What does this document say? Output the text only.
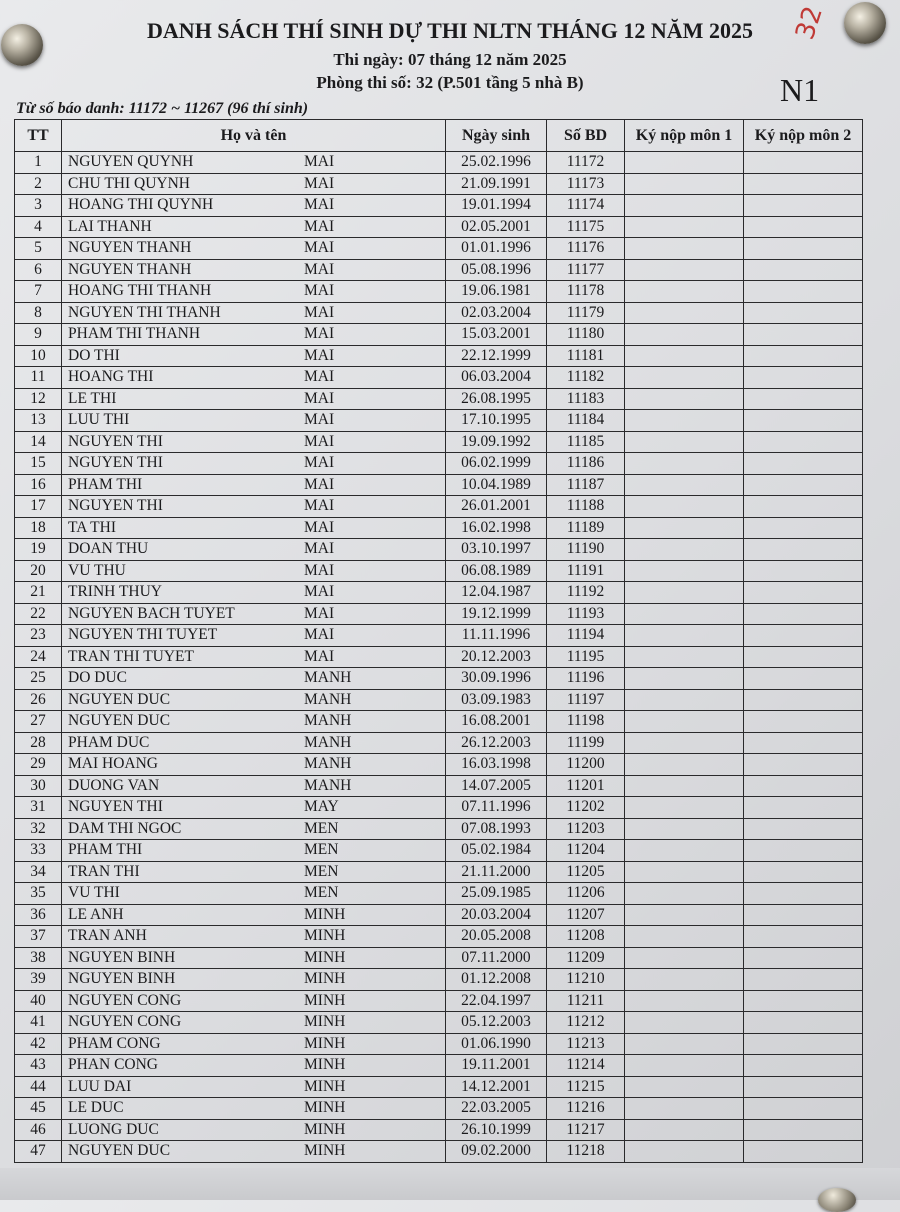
DANH SÁCH THÍ SINH DỰ THI NLTN THÁNG 12 NĂM 2025
Thi ngày: 07 tháng 12 năm 2025
Phòng thi số: 32 (P.501 tầng 5 nhà B)	N1
32
Từ số báo danh: 11172 ~ 11267 (96 thí sinh)
TT	Họ và tên	Ngày sinh	Số BD	Ký nộp môn 1	Ký nộp môn 2
1	NGUYEN QUYNH MAI	25.02.1996	11172		
2	CHU THI QUYNH MAI	21.09.1991	11173		
3	HOANG THI QUYNH MAI	19.01.1994	11174		
4	LAI THANH MAI	02.05.2001	11175		
5	NGUYEN THANH MAI	01.01.1996	11176		
6	NGUYEN THANH MAI	05.08.1996	11177		
7	HOANG THI THANH MAI	19.06.1981	11178		
8	NGUYEN THI THANH MAI	02.03.2004	11179		
9	PHAM THI THANH MAI	15.03.2001	11180		
10	DO THI MAI	22.12.1999	11181		
11	HOANG THI MAI	06.03.2004	11182		
12	LE THI MAI	26.08.1995	11183		
13	LUU THI MAI	17.10.1995	11184		
14	NGUYEN THI MAI	19.09.1992	11185		
15	NGUYEN THI MAI	06.02.1999	11186		
16	PHAM THI MAI	10.04.1989	11187		
17	NGUYEN THI MAI	26.01.2001	11188		
18	TA THI MAI	16.02.1998	11189		
19	DOAN THU MAI	03.10.1997	11190		
20	VU THU MAI	06.08.1989	11191		
21	TRINH THUY MAI	12.04.1987	11192		
22	NGUYEN BACH TUYET MAI	19.12.1999	11193		
23	NGUYEN THI TUYET MAI	11.11.1996	11194		
24	TRAN THI TUYET MAI	20.12.2003	11195		
25	DO DUC MANH	30.09.1996	11196		
26	NGUYEN DUC MANH	03.09.1983	11197		
27	NGUYEN DUC MANH	16.08.2001	11198		
28	PHAM DUC MANH	26.12.2003	11199		
29	MAI HOANG MANH	16.03.1998	11200		
30	DUONG VAN MANH	14.07.2005	11201		
31	NGUYEN THI MAY	07.11.1996	11202		
32	DAM THI NGOC MEN	07.08.1993	11203		
33	PHAM THI MEN	05.02.1984	11204		
34	TRAN THI MEN	21.11.2000	11205		
35	VU THI MEN	25.09.1985	11206		
36	LE ANH MINH	20.03.2004	11207		
37	TRAN ANH MINH	20.05.2008	11208		
38	NGUYEN BINH MINH	07.11.2000	11209		
39	NGUYEN BINH MINH	01.12.2008	11210		
40	NGUYEN CONG MINH	22.04.1997	11211		
41	NGUYEN CONG MINH	05.12.2003	11212		
42	PHAM CONG MINH	01.06.1990	11213		
43	PHAN CONG MINH	19.11.2001	11214		
44	LUU DAI MINH	14.12.2001	11215		
45	LE DUC MINH	22.03.2005	11216		
46	LUONG DUC MINH	26.10.1999	11217		
47	NGUYEN DUC MINH	09.02.2000	11218		
